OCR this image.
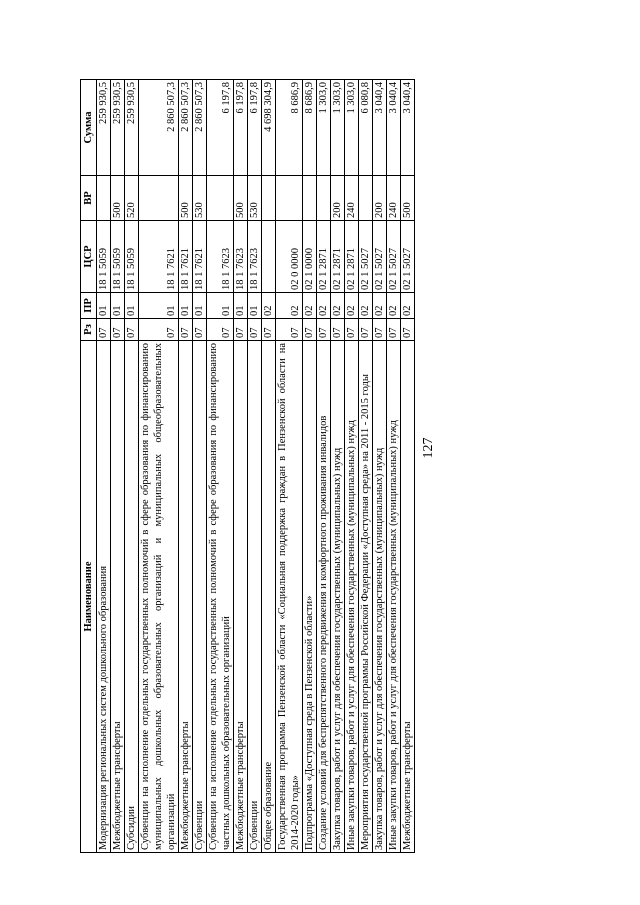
127
Наименование	Рз	ПР	ЦСР	ВР	Сумма
Модернизация региональных систем дошкольного образования	07	01	18 1 5059		259 930,5
Межбюджетные трансферты	07	01	18 1 5059	500	259 930,5
Субсидии	07	01	18 1 5059	520	259 930,5
Субвенции на исполнение отдельных государственных полномочий в сфере образования по финансированию муниципальных дошкольных образовательных организаций и муниципальных общеобразовательных организаций	07	01	18 1 7621		2 860 507,3
Межбюджетные трансферты	07	01	18 1 7621	500	2 860 507,3
Субвенции	07	01	18 1 7621	530	2 860 507,3
Субвенции на исполнение отдельных государственных полномочий в сфере образования по финансированию частных дошкольных образовательных организаций	07	01	18 1 7623		6 197,8
Межбюджетные трансферты	07	01	18 1 7623	500	6 197,8
Субвенции	07	01	18 1 7623	530	6 197,8
Общее образование	07	02			4 698 304,9
Государственная программа Пензенской области «Социальная поддержка граждан в Пензенской области на 2014-2020 годы»	07	02	02 0 0000		8 686,9
Подпрограмма «Доступная среда в Пензенской области»	07	02	02 1 0000		8 686,9
Создание условий для беспрепятственного передвижения и комфортного проживания инвалидов	07	02	02 1 2871		1 303,0
Закупка товаров, работ и услуг для обеспечения государственных (муниципальных) нужд	07	02	02 1 2871	200	1 303,0
Иные закупки товаров, работ и услуг для обеспечения государственных (муниципальных) нужд	07	02	02 1 2871	240	1 303,0
Мероприятия государственной программы Российской Федерации «Доступная среда» на 2011 - 2015 годы	07	02	02 1 5027		6 080,8
Закупка товаров, работ и услуг для обеспечения государственных (муниципальных) нужд	07	02	02 1 5027	200	3 040,4
Иные закупки товаров, работ и услуг для обеспечения государственных (муниципальных) нужд	07	02	02 1 5027	240	3 040,4
Межбюджетные трансферты	07	02	02 1 5027	500	3 040,4
